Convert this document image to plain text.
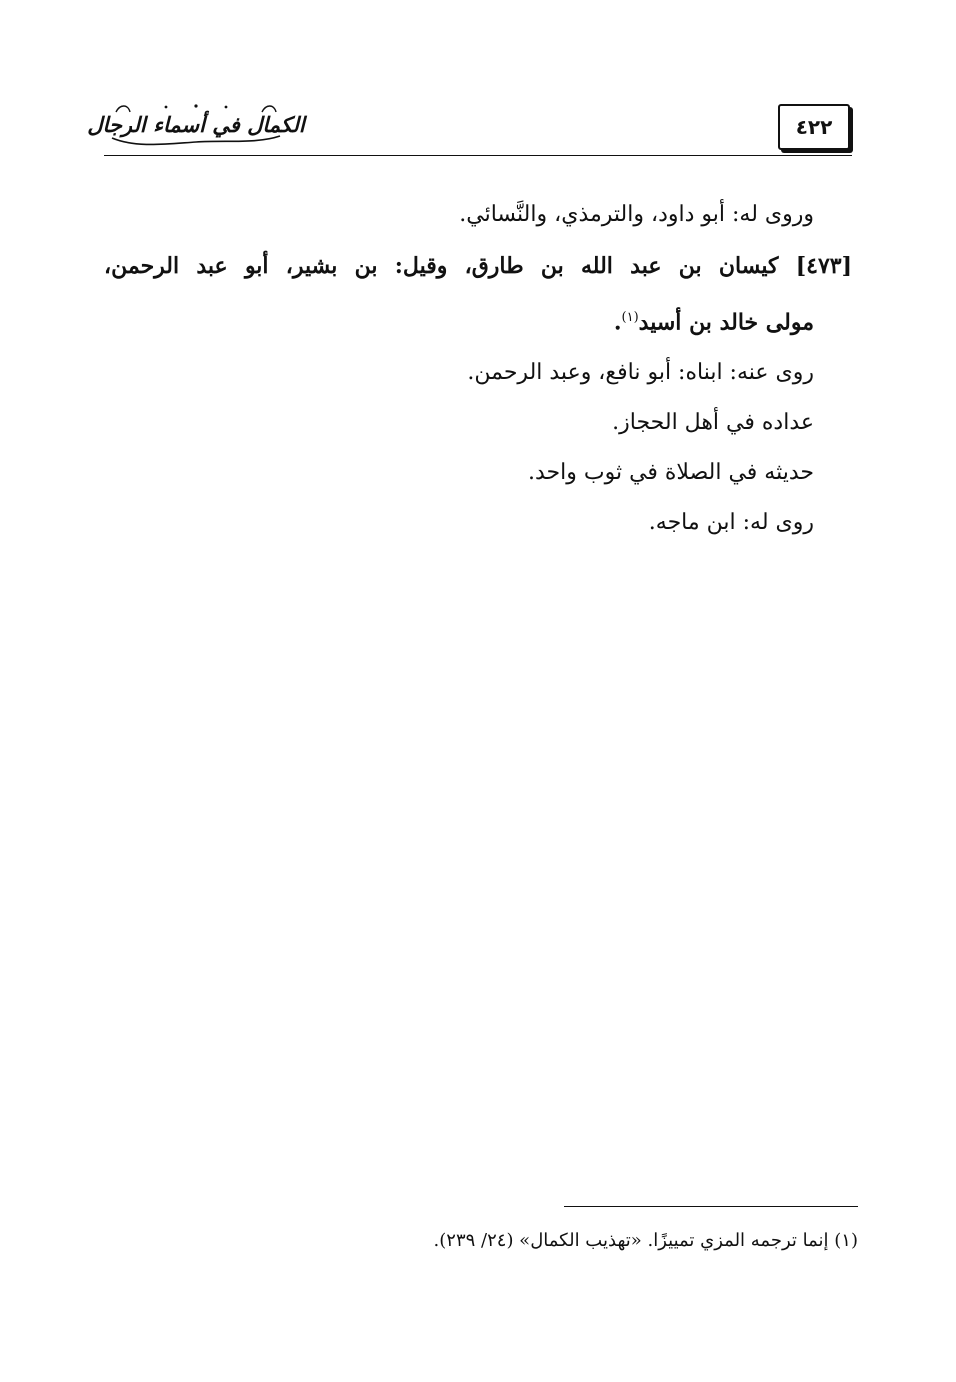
٤٢٢
الكمال في أسماء الرجال
وروى له: أبو داود، والترمذي، والنَّسائي.
[٤٧٣] كيسان بن عبد الله بن طارق، وقيل: بن بشير، أبو عبد الرحمن،
مولى خالد بن أسيد$^{(١)}$.
روى عنه: ابناه: أبو نافع، وعبد الرحمن.
عداده في أهل الحجاز.
حديثه في الصلاة في ثوب واحد.
روى له: ابن ماجه.
(١) إنما ترجمه المزي تمييزًا. «تهذيب الكمال» (٢٤/ ٢٣٩).
